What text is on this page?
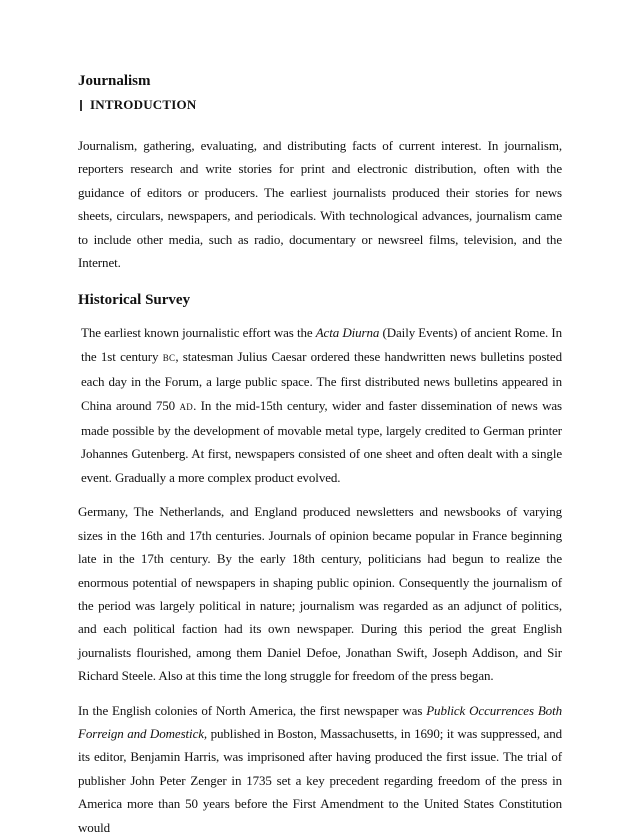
Journalism
INTRODUCTION

Journalism, gathering, evaluating, and distributing facts of current interest. In journalism, reporters research and write stories for print and electronic distribution, often with the guidance of editors or producers. The earliest journalists produced their stories for news sheets, circulars, newspapers, and periodicals. With technological advances, journalism came to include other media, such as radio, documentary or newsreel films, television, and the Internet.

Historical Survey

The earliest known journalistic effort was the Acta Diurna (Daily Events) of ancient Rome. In the 1st century BC, statesman Julius Caesar ordered these handwritten news bulletins posted each day in the Forum, a large public space. The first distributed news bulletins appeared in China around 750 AD. In the mid-15th century, wider and faster dissemination of news was made possible by the development of movable metal type, largely credited to German printer Johannes Gutenberg. At first, newspapers consisted of one sheet and often dealt with a single event. Gradually a more complex product evolved.

Germany, The Netherlands, and England produced newsletters and newsbooks of varying sizes in the 16th and 17th centuries. Journals of opinion became popular in France beginning late in the 17th century. By the early 18th century, politicians had begun to realize the enormous potential of newspapers in shaping public opinion. Consequently the journalism of the period was largely political in nature; journalism was regarded as an adjunct of politics, and each political faction had its own newspaper. During this period the great English journalists flourished, among them Daniel Defoe, Jonathan Swift, Joseph Addison, and Sir Richard Steele. Also at this time the long struggle for freedom of the press began.

In the English colonies of North America, the first newspaper was Publick Occurrences Both Forreign and Domestick, published in Boston, Massachusetts, in 1690; it was suppressed, and its editor, Benjamin Harris, was imprisoned after having produced the first issue. The trial of publisher John Peter Zenger in 1735 set a key precedent regarding freedom of the press in America more than 50 years before the First Amendment to the United States Constitution would
